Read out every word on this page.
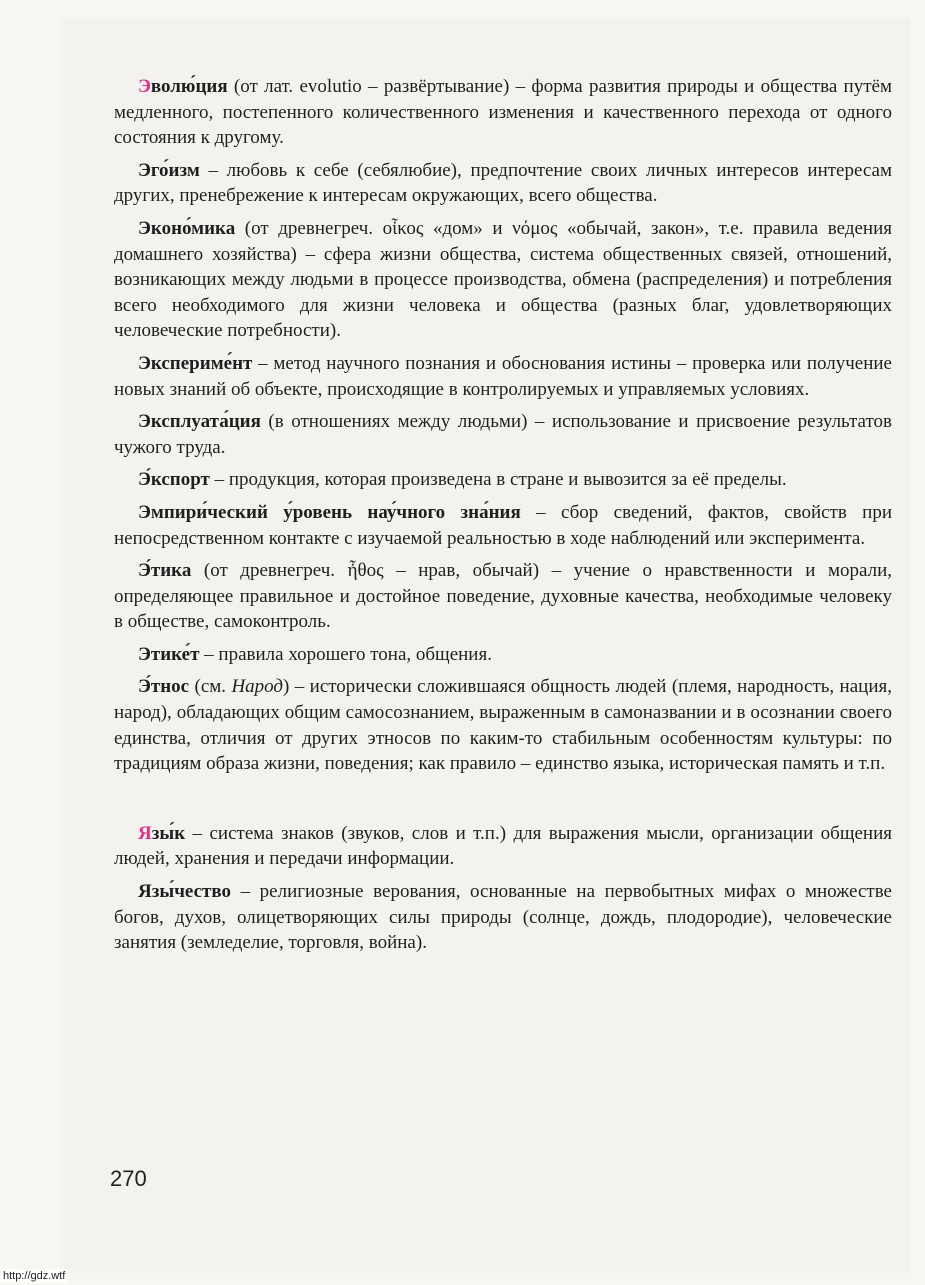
Эволю́ция (от лат. evolutio – развёртывание) – форма развития природы и общества путём медленного, постепенного количественного изменения и качественного перехода от одного состояния к другому.

Эго́изм – любовь к себе (себялюбие), предпочтение своих личных интересов интересам других, пренебрежение к интересам окружающих, всего общества.

Эконо́мика (от древнегреч. οἶκος «дом» и νόμος «обычай, закон», т.е. правила ведения домашнего хозяйства) – сфера жизни общества, система общественных связей, отношений, возникающих между людьми в процессе производства, обмена (распределения) и потребления всего необходимого для жизни человека и общества (разных благ, удовлетворяющих человеческие потребности).

Экспериме́нт – метод научного познания и обоснования истины – проверка или получение новых знаний об объекте, происходящие в контролируемых и управляемых условиях.

Эксплуата́ция (в отношениях между людьми) – использование и присвоение результатов чужого труда.

Э́кспорт – продукция, которая произведена в стране и вывозится за её пределы.

Эмпири́ческий у́ровень нау́чного зна́ния – сбор сведений, фактов, свойств при непосредственном контакте с изучаемой реальностью в ходе наблюдений или эксперимента.

Э́тика (от древнегреч. ἦθος – нрав, обычай) – учение о нравственности и морали, определяющее правильное и достойное поведение, духовные качества, необходимые человеку в обществе, самоконтроль.

Этике́т – правила хорошего тона, общения.

Э́тнос (см. Народ) – исторически сложившаяся общность людей (племя, народность, нация, народ), обладающих общим самосознанием, выраженным в самоназвании и в осознании своего единства, отличия от других этносов по каким-то стабильным особенностям культуры: по традициям образа жизни, поведения; как правило – единство языка, историческая память и т.п.

Язы́к – система знаков (звуков, слов и т.п.) для выражения мысли, организации общения людей, хранения и передачи информации.

Язы́чество – религиозные верования, основанные на первобытных мифах о множестве богов, духов, олицетворяющих силы природы (солнце, дождь, плодородие), человеческие занятия (земледелие, торговля, война).

270
http://gdz.wtf
